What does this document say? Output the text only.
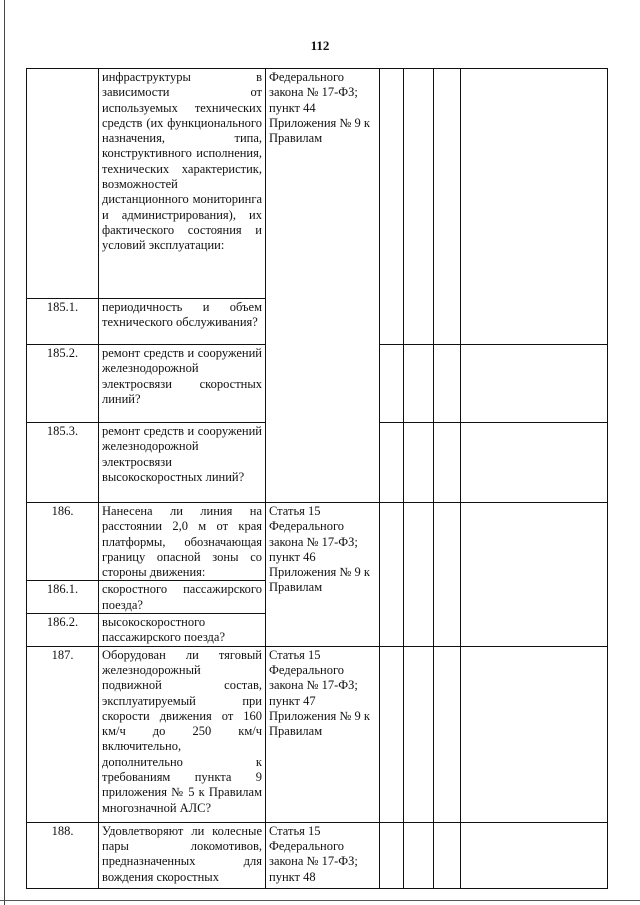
112
	инфраструктуры в зависимости от используемых технических средств (их функционального назначения, типа, конструктивного исполнения, технических характеристик, возможностей дистанционного мониторинга и администрирования), их фактического состояния и условий эксплуатации:	Федерального закона № 17-ФЗ; пункт 44 Приложения № 9 к Правилам				
185.1.	периодичность и объем технического обслуживания?					
185.2.	ремонт средств и сооружений железнодорожной электросвязи скоростных линий?					
185.3.	ремонт средств и сооружений железнодорожной электросвязи высокоскоростных линий?					
186.	Нанесена ли линия на расстоянии 2,0 м от края платформы, обозначающая границу опасной зоны со стороны движения:	Статья 15 Федерального закона № 17-ФЗ; пункт 46 Приложения № 9 к Правилам				
186.1.	скоростного пассажирского поезда?					
186.2.	высокоскоростного пассажирского поезда?					
187.	Оборудован ли тяговый железнодорожный подвижной состав, эксплуатируемый при скорости движения от 160 км/ч до 250 км/ч включительно, дополнительно к требованиям пункта 9 приложения № 5 к Правилам многозначной АЛС?	Статья 15 Федерального закона № 17-ФЗ; пункт 47 Приложения № 9 к Правилам				
188.	Удовлетворяют ли колесные пары локомотивов, предназначенных для вождения скоростных	Статья 15 Федерального закона № 17-ФЗ; пункт 48				
